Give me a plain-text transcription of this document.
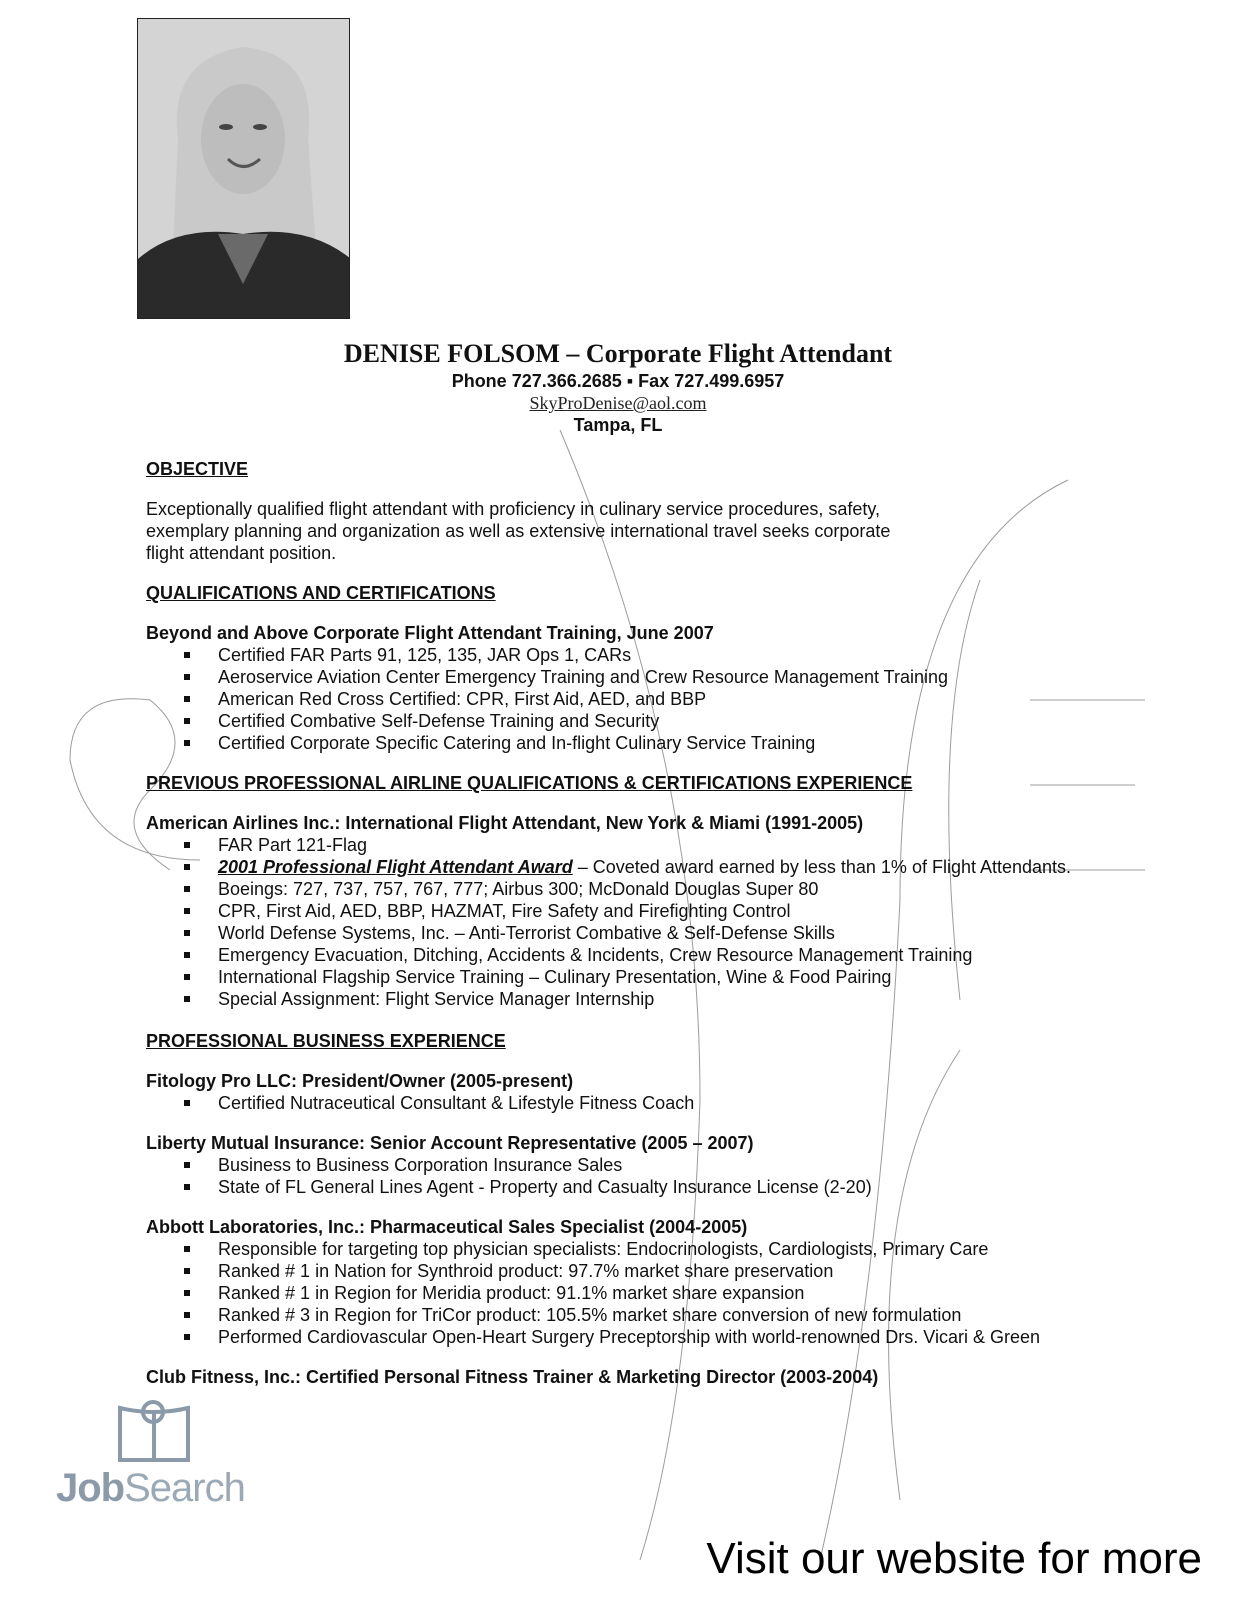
DENISE FOLSOM – Corporate Flight Attendant
Phone 727.366.2685 ▪ Fax 727.499.6957
SkyProDenise@aol.com
Tampa, FL
OBJECTIVE
Exceptionally qualified flight attendant with proficiency in culinary service procedures, safety, exemplary planning and organization as well as extensive international travel seeks corporate flight attendant position.
QUALIFICATIONS AND CERTIFICATIONS
Beyond and Above Corporate Flight Attendant Training, June 2007
Certified FAR Parts 91, 125, 135, JAR Ops 1, CARs
Aeroservice Aviation Center Emergency Training and Crew Resource Management Training
American Red Cross Certified: CPR, First Aid, AED, and BBP
Certified Combative Self-Defense Training and Security
Certified Corporate Specific Catering and In-flight Culinary Service Training
PREVIOUS PROFESSIONAL AIRLINE QUALIFICATIONS & CERTIFICATIONS EXPERIENCE
American Airlines Inc.: International Flight Attendant, New York & Miami (1991-2005)
FAR Part 121-Flag
2001 Professional Flight Attendant Award – Coveted award earned by less than 1% of Flight Attendants.
Boeings: 727, 737, 757, 767, 777; Airbus 300; McDonald Douglas Super 80
CPR, First Aid, AED, BBP, HAZMAT, Fire Safety and Firefighting Control
World Defense Systems, Inc. – Anti-Terrorist Combative & Self-Defense Skills
Emergency Evacuation, Ditching, Accidents & Incidents, Crew Resource Management Training
International Flagship Service Training – Culinary Presentation, Wine & Food Pairing
Special Assignment: Flight Service Manager Internship
PROFESSIONAL BUSINESS EXPERIENCE
Fitology Pro LLC: President/Owner (2005-present)
Certified Nutraceutical Consultant & Lifestyle Fitness Coach
Liberty Mutual Insurance: Senior Account Representative (2005 – 2007)
Business to Business Corporation Insurance Sales
State of FL General Lines Agent - Property and Casualty Insurance License (2-20)
Abbott Laboratories, Inc.: Pharmaceutical Sales Specialist (2004-2005)
Responsible for targeting top physician specialists: Endocrinologists, Cardiologists, Primary Care
Ranked # 1 in Nation for Synthroid product: 97.7% market share preservation
Ranked # 1 in Region for Meridia product: 91.1% market share expansion
Ranked # 3 in Region for TriCor product: 105.5% market share conversion of new formulation
Performed Cardiovascular Open-Heart Surgery Preceptorship with world-renowned Drs. Vicari & Green
Club Fitness, Inc.: Certified Personal Fitness Trainer & Marketing Director (2003-2004)
JobSearch
Visit our website for more
